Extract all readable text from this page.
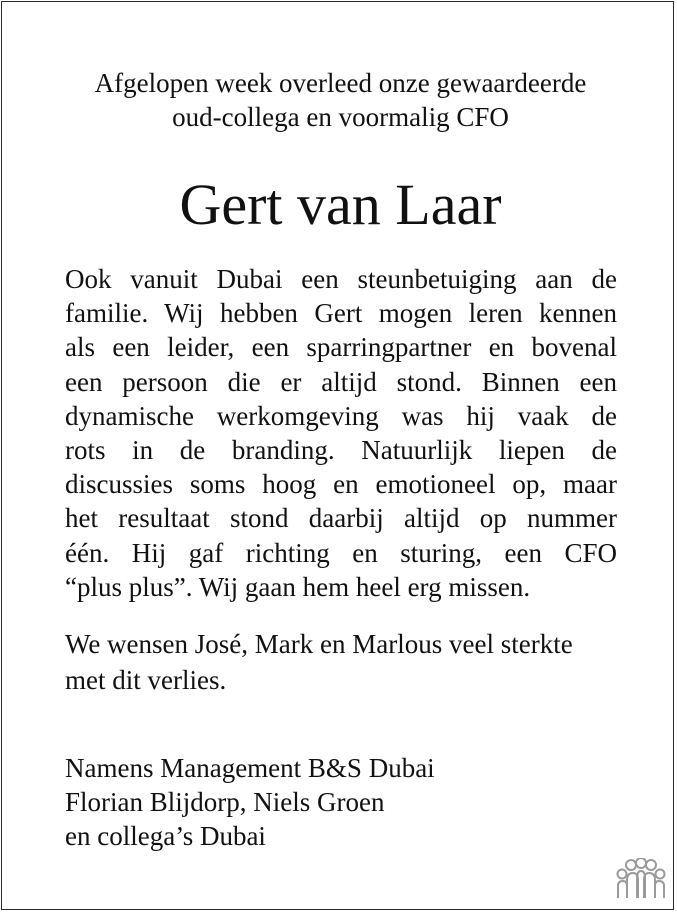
Afgelopen week overleed onze gewaardeerde
oud-collega en voormalig CFO
Gert van Laar
Ook vanuit Dubai een steunbetuiging aan de
familie. Wij hebben Gert mogen leren kennen
als een leider, een sparringpartner en bovenal
een persoon die er altijd stond. Binnen een
dynamische werkomgeving was hij vaak de
rots in de branding. Natuurlijk liepen de
discussies soms hoog en emotioneel op, maar
het resultaat stond daarbij altijd op nummer
één. Hij gaf richting en sturing, een CFO
“plus plus”. Wij gaan hem heel erg missen.
We wensen José, Mark en Marlous veel sterkte
met dit verlies.
Namens Management B&S Dubai
Florian Blijdorp, Niels Groen
en collega’s Dubai
